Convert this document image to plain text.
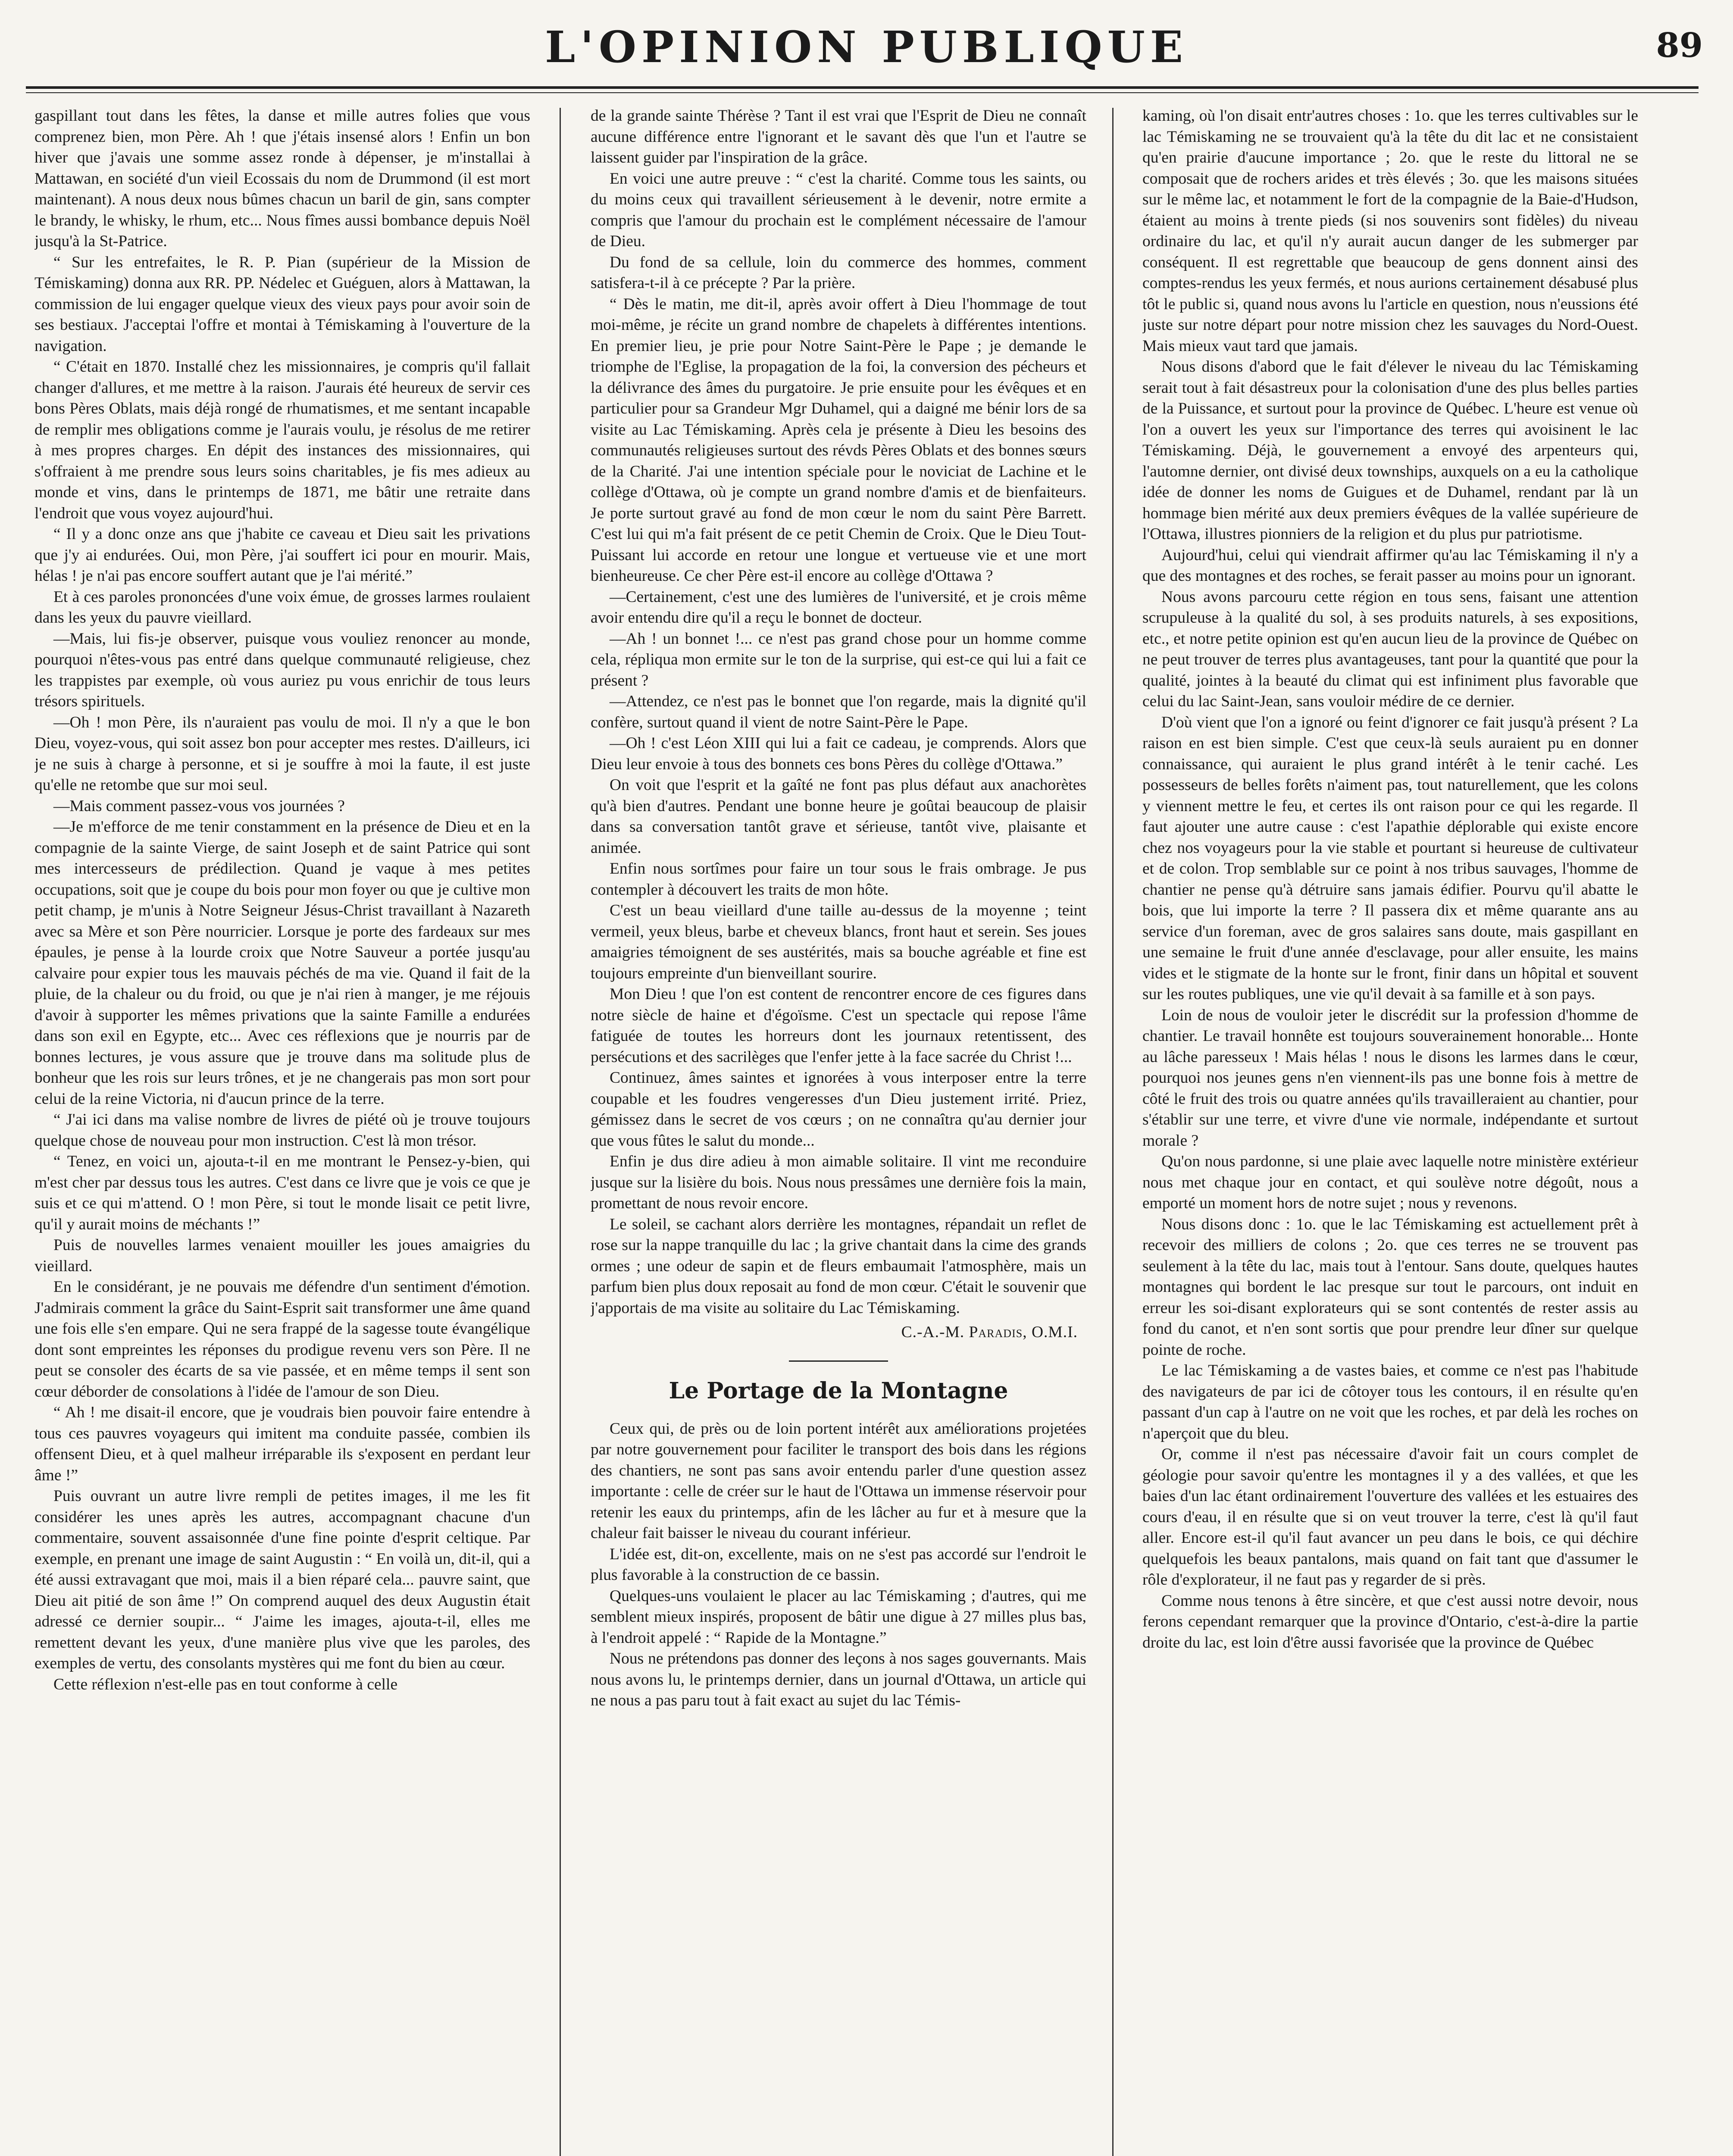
L'OPINION PUBLIQUE	89

gaspillant tout dans les fêtes, la danse et mille autres folies que vous comprenez bien, mon Père. Ah ! que j'étais insensé alors ! Enfin un bon hiver que j'avais une somme assez ronde à dépenser, je m'installai à Mattawan, en société d'un vieil Ecossais du nom de Drummond (il est mort maintenant). A nous deux nous bûmes chacun un baril de gin, sans compter le brandy, le whisky, le rhum, etc... Nous fîmes aussi bombance depuis Noël jusqu'à la St-Patrice.

“ Sur les entrefaites, le R. P. Pian (supérieur de la Mission de Témiskaming) donna aux RR. PP. Nédelec et Guéguen, alors à Mattawan, la commission de lui engager quelque vieux des vieux pays pour avoir soin de ses bestiaux. J'acceptai l'offre et montai à Témiskaming à l'ouverture de la navigation.

“ C'était en 1870. Installé chez les missionnaires, je compris qu'il fallait changer d'allures, et me mettre à la raison. J'aurais été heureux de servir ces bons Pères Oblats, mais déjà rongé de rhumatismes, et me sentant incapable de remplir mes obligations comme je l'aurais voulu, je résolus de me retirer à mes propres charges. En dépit des instances des missionnaires, qui s'offraient à me prendre sous leurs soins charitables, je fis mes adieux au monde et vins, dans le printemps de 1871, me bâtir une retraite dans l'endroit que vous voyez aujourd'hui.

“ Il y a donc onze ans que j'habite ce caveau et Dieu sait les privations que j'y ai endurées. Oui, mon Père, j'ai souffert ici pour en mourir. Mais, hélas ! je n'ai pas encore souffert autant que je l'ai mérité.”

Et à ces paroles prononcées d'une voix émue, de grosses larmes roulaient dans les yeux du pauvre vieillard.

—Mais, lui fis-je observer, puisque vous vouliez renoncer au monde, pourquoi n'êtes-vous pas entré dans quelque communauté religieuse, chez les trappistes par exemple, où vous auriez pu vous enrichir de tous leurs trésors spirituels.

—Oh ! mon Père, ils n'auraient pas voulu de moi. Il n'y a que le bon Dieu, voyez-vous, qui soit assez bon pour accepter mes restes. D'ailleurs, ici je ne suis à charge à personne, et si je souffre à moi la faute, il est juste qu'elle ne retombe que sur moi seul.

—Mais comment passez-vous vos journées ?

—Je m'efforce de me tenir constamment en la présence de Dieu et en la compagnie de la sainte Vierge, de saint Joseph et de saint Patrice qui sont mes intercesseurs de prédilection. Quand je vaque à mes petites occupations, soit que je coupe du bois pour mon foyer ou que je cultive mon petit champ, je m'unis à Notre Seigneur Jésus-Christ travaillant à Nazareth avec sa Mère et son Père nourricier. Lorsque je porte des fardeaux sur mes épaules, je pense à la lourde croix que Notre Sauveur a portée jusqu'au calvaire pour expier tous les mauvais péchés de ma vie. Quand il fait de la pluie, de la chaleur ou du froid, ou que je n'ai rien à manger, je me réjouis d'avoir à supporter les mêmes privations que la sainte Famille a endurées dans son exil en Egypte, etc... Avec ces réflexions que je nourris par de bonnes lectures, je vous assure que je trouve dans ma solitude plus de bonheur que les rois sur leurs trônes, et je ne changerais pas mon sort pour celui de la reine Victoria, ni d'aucun prince de la terre.

“ J'ai ici dans ma valise nombre de livres de piété où je trouve toujours quelque chose de nouveau pour mon instruction. C'est là mon trésor.

“ Tenez, en voici un, ajouta-t-il en me montrant le Pensez-y-bien, qui m'est cher par dessus tous les autres. C'est dans ce livre que je vois ce que je suis et ce qui m'attend. O ! mon Père, si tout le monde lisait ce petit livre, qu'il y aurait moins de méchants !”

Puis de nouvelles larmes venaient mouiller les joues amaigries du vieillard.

En le considérant, je ne pouvais me défendre d'un sentiment d'émotion. J'admirais comment la grâce du Saint-Esprit sait transformer une âme quand une fois elle s'en empare. Qui ne sera frappé de la sagesse toute évangélique dont sont empreintes les réponses du prodigue revenu vers son Père. Il ne peut se consoler des écarts de sa vie passée, et en même temps il sent son cœur déborder de consolations à l'idée de l'amour de son Dieu.

“ Ah ! me disait-il encore, que je voudrais bien pouvoir faire entendre à tous ces pauvres voyageurs qui imitent ma conduite passée, combien ils offensent Dieu, et à quel malheur irréparable ils s'exposent en perdant leur âme !”

Puis ouvrant un autre livre rempli de petites images, il me les fit considérer les unes après les autres, accompagnant chacune d'un commentaire, souvent assaisonnée d'une fine pointe d'esprit celtique. Par exemple, en prenant une image de saint Augustin : “ En voilà un, dit-il, qui a été aussi extravagant que moi, mais il a bien réparé cela... pauvre saint, que Dieu ait pitié de son âme !” On comprend auquel des deux Augustin était adressé ce dernier soupir... “ J'aime les images, ajouta-t-il, elles me remettent devant les yeux, d'une manière plus vive que les paroles, des exemples de vertu, des consolants mystères qui me font du bien au cœur.

Cette réflexion n'est-elle pas en tout conforme à celle

de la grande sainte Thérèse ? Tant il est vrai que l'Esprit de Dieu ne connaît aucune différence entre l'ignorant et le savant dès que l'un et l'autre se laissent guider par l'inspiration de la grâce.

En voici une autre preuve : “ c'est la charité. Comme tous les saints, ou du moins ceux qui travaillent sérieusement à le devenir, notre ermite a compris que l'amour du prochain est le complément nécessaire de l'amour de Dieu.

Du fond de sa cellule, loin du commerce des hommes, comment satisfera-t-il à ce précepte ? Par la prière.

“ Dès le matin, me dit-il, après avoir offert à Dieu l'hommage de tout moi-même, je récite un grand nombre de chapelets à différentes intentions. En premier lieu, je prie pour Notre Saint-Père le Pape ; je demande le triomphe de l'Eglise, la propagation de la foi, la conversion des pécheurs et la délivrance des âmes du purgatoire. Je prie ensuite pour les évêques et en particulier pour sa Grandeur Mgr Duhamel, qui a daigné me bénir lors de sa visite au Lac Témiskaming. Après cela je présente à Dieu les besoins des communautés religieuses surtout des révds Pères Oblats et des bonnes sœurs de la Charité. J'ai une intention spéciale pour le noviciat de Lachine et le collège d'Ottawa, où je compte un grand nombre d'amis et de bienfaiteurs. Je porte surtout gravé au fond de mon cœur le nom du saint Père Barrett. C'est lui qui m'a fait présent de ce petit Chemin de Croix. Que le Dieu Tout-Puissant lui accorde en retour une longue et vertueuse vie et une mort bienheureuse. Ce cher Père est-il encore au collège d'Ottawa ?

—Certainement, c'est une des lumières de l'université, et je crois même avoir entendu dire qu'il a reçu le bonnet de docteur.

—Ah ! un bonnet !... ce n'est pas grand chose pour un homme comme cela, répliqua mon ermite sur le ton de la surprise, qui est-ce qui lui a fait ce présent ?

—Attendez, ce n'est pas le bonnet que l'on regarde, mais la dignité qu'il confère, surtout quand il vient de notre Saint-Père le Pape.

—Oh ! c'est Léon XIII qui lui a fait ce cadeau, je comprends. Alors que Dieu leur envoie à tous des bonnets ces bons Pères du collège d'Ottawa.”

On voit que l'esprit et la gaîté ne font pas plus défaut aux anachorètes qu'à bien d'autres. Pendant une bonne heure je goûtai beaucoup de plaisir dans sa conversation tantôt grave et sérieuse, tantôt vive, plaisante et animée.

Enfin nous sortîmes pour faire un tour sous le frais ombrage. Je pus contempler à découvert les traits de mon hôte.

C'est un beau vieillard d'une taille au-dessus de la moyenne ; teint vermeil, yeux bleus, barbe et cheveux blancs, front haut et serein. Ses joues amaigries témoignent de ses austérités, mais sa bouche agréable et fine est toujours empreinte d'un bienveillant sourire.

Mon Dieu ! que l'on est content de rencontrer encore de ces figures dans notre siècle de haine et d'égoïsme. C'est un spectacle qui repose l'âme fatiguée de toutes les horreurs dont les journaux retentissent, des persécutions et des sacrilèges que l'enfer jette à la face sacrée du Christ !...

Continuez, âmes saintes et ignorées à vous interposer entre la terre coupable et les foudres vengeresses d'un Dieu justement irrité. Priez, gémissez dans le secret de vos cœurs ; on ne connaîtra qu'au dernier jour que vous fûtes le salut du monde...

Enfin je dus dire adieu à mon aimable solitaire. Il vint me reconduire jusque sur la lisière du bois. Nous nous pressâmes une dernière fois la main, promettant de nous revoir encore.

Le soleil, se cachant alors derrière les montagnes, répandait un reflet de rose sur la nappe tranquille du lac ; la grive chantait dans la cime des grands ormes ; une odeur de sapin et de fleurs embaumait l'atmosphère, mais un parfum bien plus doux reposait au fond de mon cœur. C'était le souvenir que j'apportais de ma visite au solitaire du Lac Témiskaming.

C.-A.-M. Paradis, O.M.I.

Le Portage de la Montagne

Ceux qui, de près ou de loin portent intérêt aux améliorations projetées par notre gouvernement pour faciliter le transport des bois dans les régions des chantiers, ne sont pas sans avoir entendu parler d'une question assez importante : celle de créer sur le haut de l'Ottawa un immense réservoir pour retenir les eaux du printemps, afin de les lâcher au fur et à mesure que la chaleur fait baisser le niveau du courant inférieur.

L'idée est, dit-on, excellente, mais on ne s'est pas accordé sur l'endroit le plus favorable à la construction de ce bassin.

Quelques-uns voulaient le placer au lac Témiskaming ; d'autres, qui me semblent mieux inspirés, proposent de bâtir une digue à 27 milles plus bas, à l'endroit appelé : “ Rapide de la Montagne.”

Nous ne prétendons pas donner des leçons à nos sages gouvernants. Mais nous avons lu, le printemps dernier, dans un journal d'Ottawa, un article qui ne nous a pas paru tout à fait exact au sujet du lac Témis-

kaming, où l'on disait entr'autres choses : 1o. que les terres cultivables sur le lac Témiskaming ne se trouvaient qu'à la tête du dit lac et ne consistaient qu'en prairie d'aucune importance ; 2o. que le reste du littoral ne se composait que de rochers arides et très élevés ; 3o. que les maisons situées sur le même lac, et notamment le fort de la compagnie de la Baie-d'Hudson, étaient au moins à trente pieds (si nos souvenirs sont fidèles) du niveau ordinaire du lac, et qu'il n'y aurait aucun danger de les submerger par conséquent. Il est regrettable que beaucoup de gens donnent ainsi des comptes-rendus les yeux fermés, et nous aurions certainement désabusé plus tôt le public si, quand nous avons lu l'article en question, nous n'eussions été juste sur notre départ pour notre mission chez les sauvages du Nord-Ouest. Mais mieux vaut tard que jamais.

Nous disons d'abord que le fait d'élever le niveau du lac Témiskaming serait tout à fait désastreux pour la colonisation d'une des plus belles parties de la Puissance, et surtout pour la province de Québec. L'heure est venue où l'on a ouvert les yeux sur l'importance des terres qui avoisinent le lac Témiskaming. Déjà, le gouvernement a envoyé des arpenteurs qui, l'automne dernier, ont divisé deux townships, auxquels on a eu la catholique idée de donner les noms de Guigues et de Duhamel, rendant par là un hommage bien mérité aux deux premiers évêques de la vallée supérieure de l'Ottawa, illustres pionniers de la religion et du plus pur patriotisme.

Aujourd'hui, celui qui viendrait affirmer qu'au lac Témiskaming il n'y a que des montagnes et des roches, se ferait passer au moins pour un ignorant.

Nous avons parcouru cette région en tous sens, faisant une attention scrupuleuse à la qualité du sol, à ses produits naturels, à ses expositions, etc., et notre petite opinion est qu'en aucun lieu de la province de Québec on ne peut trouver de terres plus avantageuses, tant pour la quantité que pour la qualité, jointes à la beauté du climat qui est infiniment plus favorable que celui du lac Saint-Jean, sans vouloir médire de ce dernier.

D'où vient que l'on a ignoré ou feint d'ignorer ce fait jusqu'à présent ? La raison en est bien simple. C'est que ceux-là seuls auraient pu en donner connaissance, qui auraient le plus grand intérêt à le tenir caché. Les possesseurs de belles forêts n'aiment pas, tout naturellement, que les colons y viennent mettre le feu, et certes ils ont raison pour ce qui les regarde. Il faut ajouter une autre cause : c'est l'apathie déplorable qui existe encore chez nos voyageurs pour la vie stable et pourtant si heureuse de cultivateur et de colon. Trop semblable sur ce point à nos tribus sauvages, l'homme de chantier ne pense qu'à détruire sans jamais édifier. Pourvu qu'il abatte le bois, que lui importe la terre ? Il passera dix et même quarante ans au service d'un foreman, avec de gros salaires sans doute, mais gaspillant en une semaine le fruit d'une année d'esclavage, pour aller ensuite, les mains vides et le stigmate de la honte sur le front, finir dans un hôpital et souvent sur les routes publiques, une vie qu'il devait à sa famille et à son pays.

Loin de nous de vouloir jeter le discrédit sur la profession d'homme de chantier. Le travail honnête est toujours souverainement honorable... Honte au lâche paresseux ! Mais hélas ! nous le disons les larmes dans le cœur, pourquoi nos jeunes gens n'en viennent-ils pas une bonne fois à mettre de côté le fruit des trois ou quatre années qu'ils travailleraient au chantier, pour s'établir sur une terre, et vivre d'une vie normale, indépendante et surtout morale ?

Qu'on nous pardonne, si une plaie avec laquelle notre ministère extérieur nous met chaque jour en contact, et qui soulève notre dégoût, nous a emporté un moment hors de notre sujet ; nous y revenons.

Nous disons donc : 1o. que le lac Témiskaming est actuellement prêt à recevoir des milliers de colons ; 2o. que ces terres ne se trouvent pas seulement à la tête du lac, mais tout à l'entour. Sans doute, quelques hautes montagnes qui bordent le lac presque sur tout le parcours, ont induit en erreur les soi-disant explorateurs qui se sont contentés de rester assis au fond du canot, et n'en sont sortis que pour prendre leur dîner sur quelque pointe de roche.

Le lac Témiskaming a de vastes baies, et comme ce n'est pas l'habitude des navigateurs de par ici de côtoyer tous les contours, il en résulte qu'en passant d'un cap à l'autre on ne voit que les roches, et par delà les roches on n'aperçoit que du bleu.

Or, comme il n'est pas nécessaire d'avoir fait un cours complet de géologie pour savoir qu'entre les montagnes il y a des vallées, et que les baies d'un lac étant ordinairement l'ouverture des vallées et les estuaires des cours d'eau, il en résulte que si on veut trouver la terre, c'est là qu'il faut aller. Encore est-il qu'il faut avancer un peu dans le bois, ce qui déchire quelquefois les beaux pantalons, mais quand on fait tant que d'assumer le rôle d'explorateur, il ne faut pas y regarder de si près.

Comme nous tenons à être sincère, et que c'est aussi notre devoir, nous ferons cependant remarquer que la province d'Ontario, c'est-à-dire la partie droite du lac, est loin d'être aussi favorisée que la province de Québec
